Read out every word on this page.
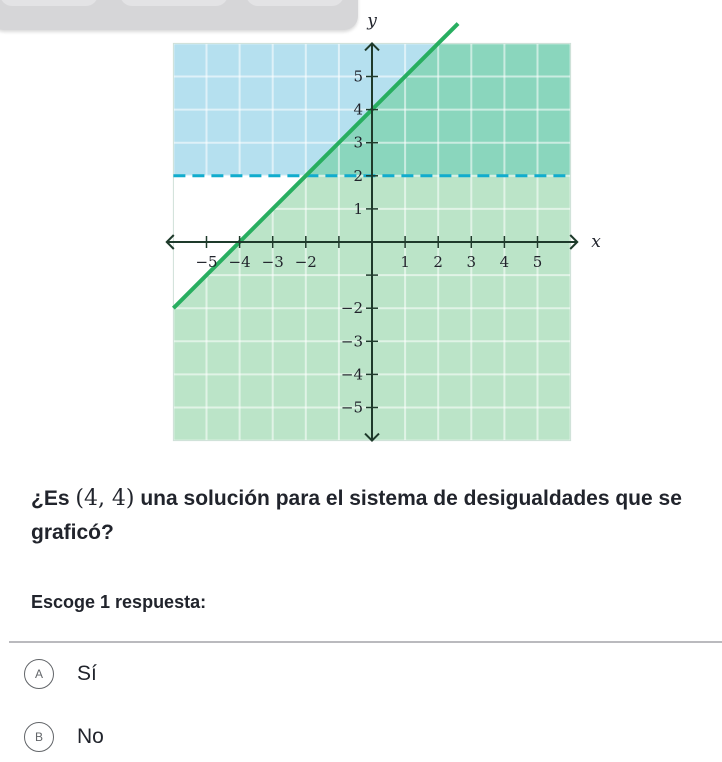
−5 −4 −3 −2	1 2 3 4 5
5
4
3
2
1
−2
−3
−4
−5
x
y
¿Es (4, 4) una solución para el sistema de desigualdades que se graficó?
Escoge 1 respuesta:
A	Sí
B	No
